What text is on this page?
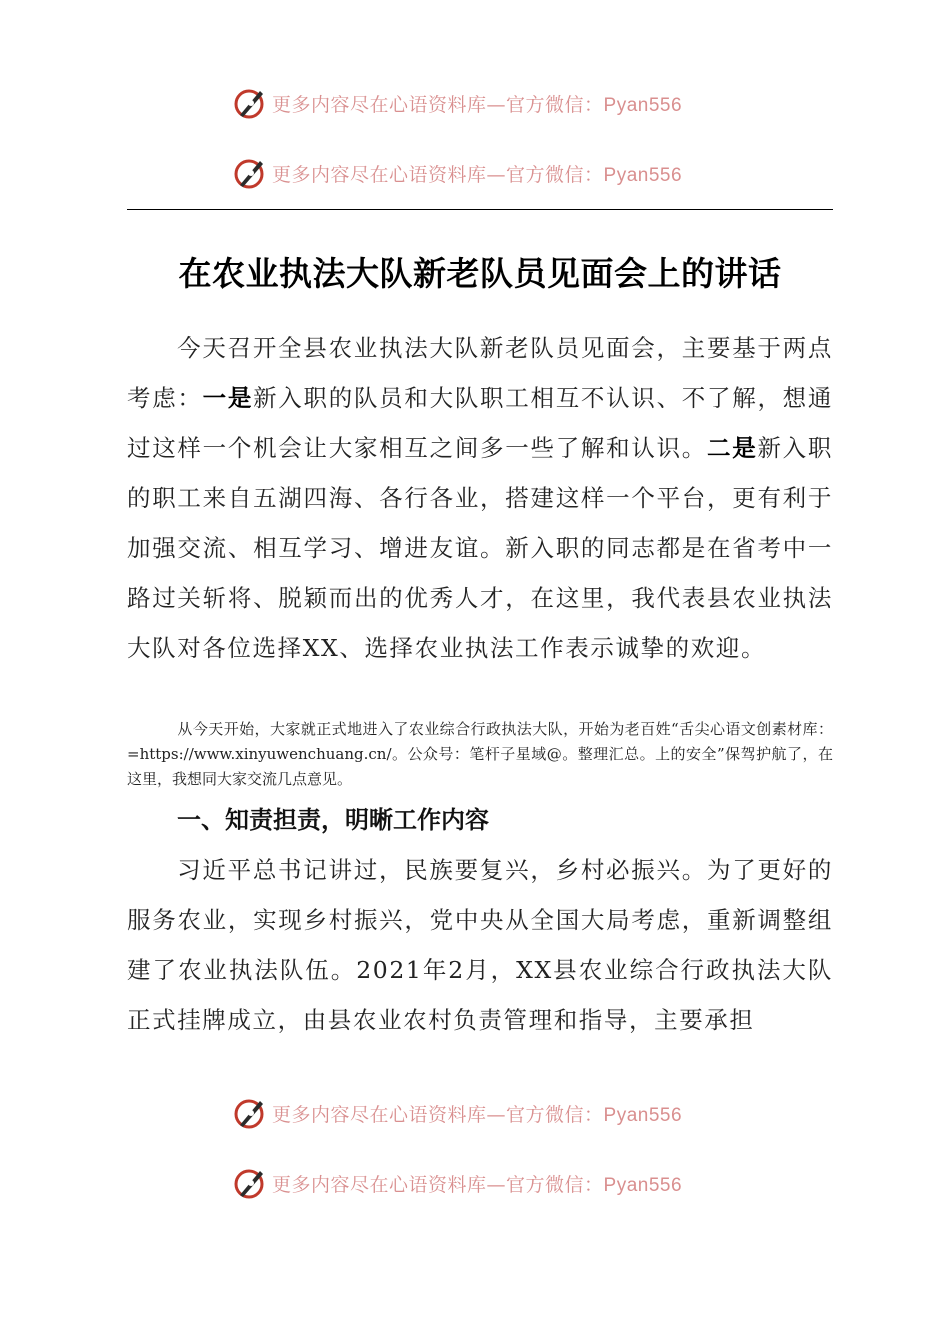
更多内容尽在心语资料库—官方微信：Pyan556
更多内容尽在心语资料库—官方微信：Pyan556
在农业执法大队新老队员见面会上的讲话
今天召开全县农业执法大队新老队员见面会，主要基于两点考虑：一是新入职的队员和大队职工相互不认识、不了解，想通过这样一个机会让大家相互之间多一些了解和认识。二是新入职的职工来自五湖四海、各行各业，搭建这样一个平台，更有利于加强交流、相互学习、增进友谊。新入职的同志都是在省考中一路过关斩将、脱颖而出的优秀人才，在这里，我代表县农业执法大队对各位选择XX、选择农业执法工作表示诚挚的欢迎。
从今天开始，大家就正式地进入了农业综合行政执法大队，开始为老百姓“舌尖心语文创素材库：=https://www.xinyuwenchuang.cn/。公众号：笔杆子星域@。整理汇总。上的安全”保驾护航了，在这里，我想同大家交流几点意见。
一、知责担责，明晰工作内容
习近平总书记讲过，民族要复兴，乡村必振兴。为了更好的服务农业，实现乡村振兴，党中央从全国大局考虑，重新调整组建了农业执法队伍。2021年2月，XX县农业综合行政执法大队正式挂牌成立，由县农业农村负责管理和指导，主要承担
更多内容尽在心语资料库—官方微信：Pyan556
更多内容尽在心语资料库—官方微信：Pyan556
